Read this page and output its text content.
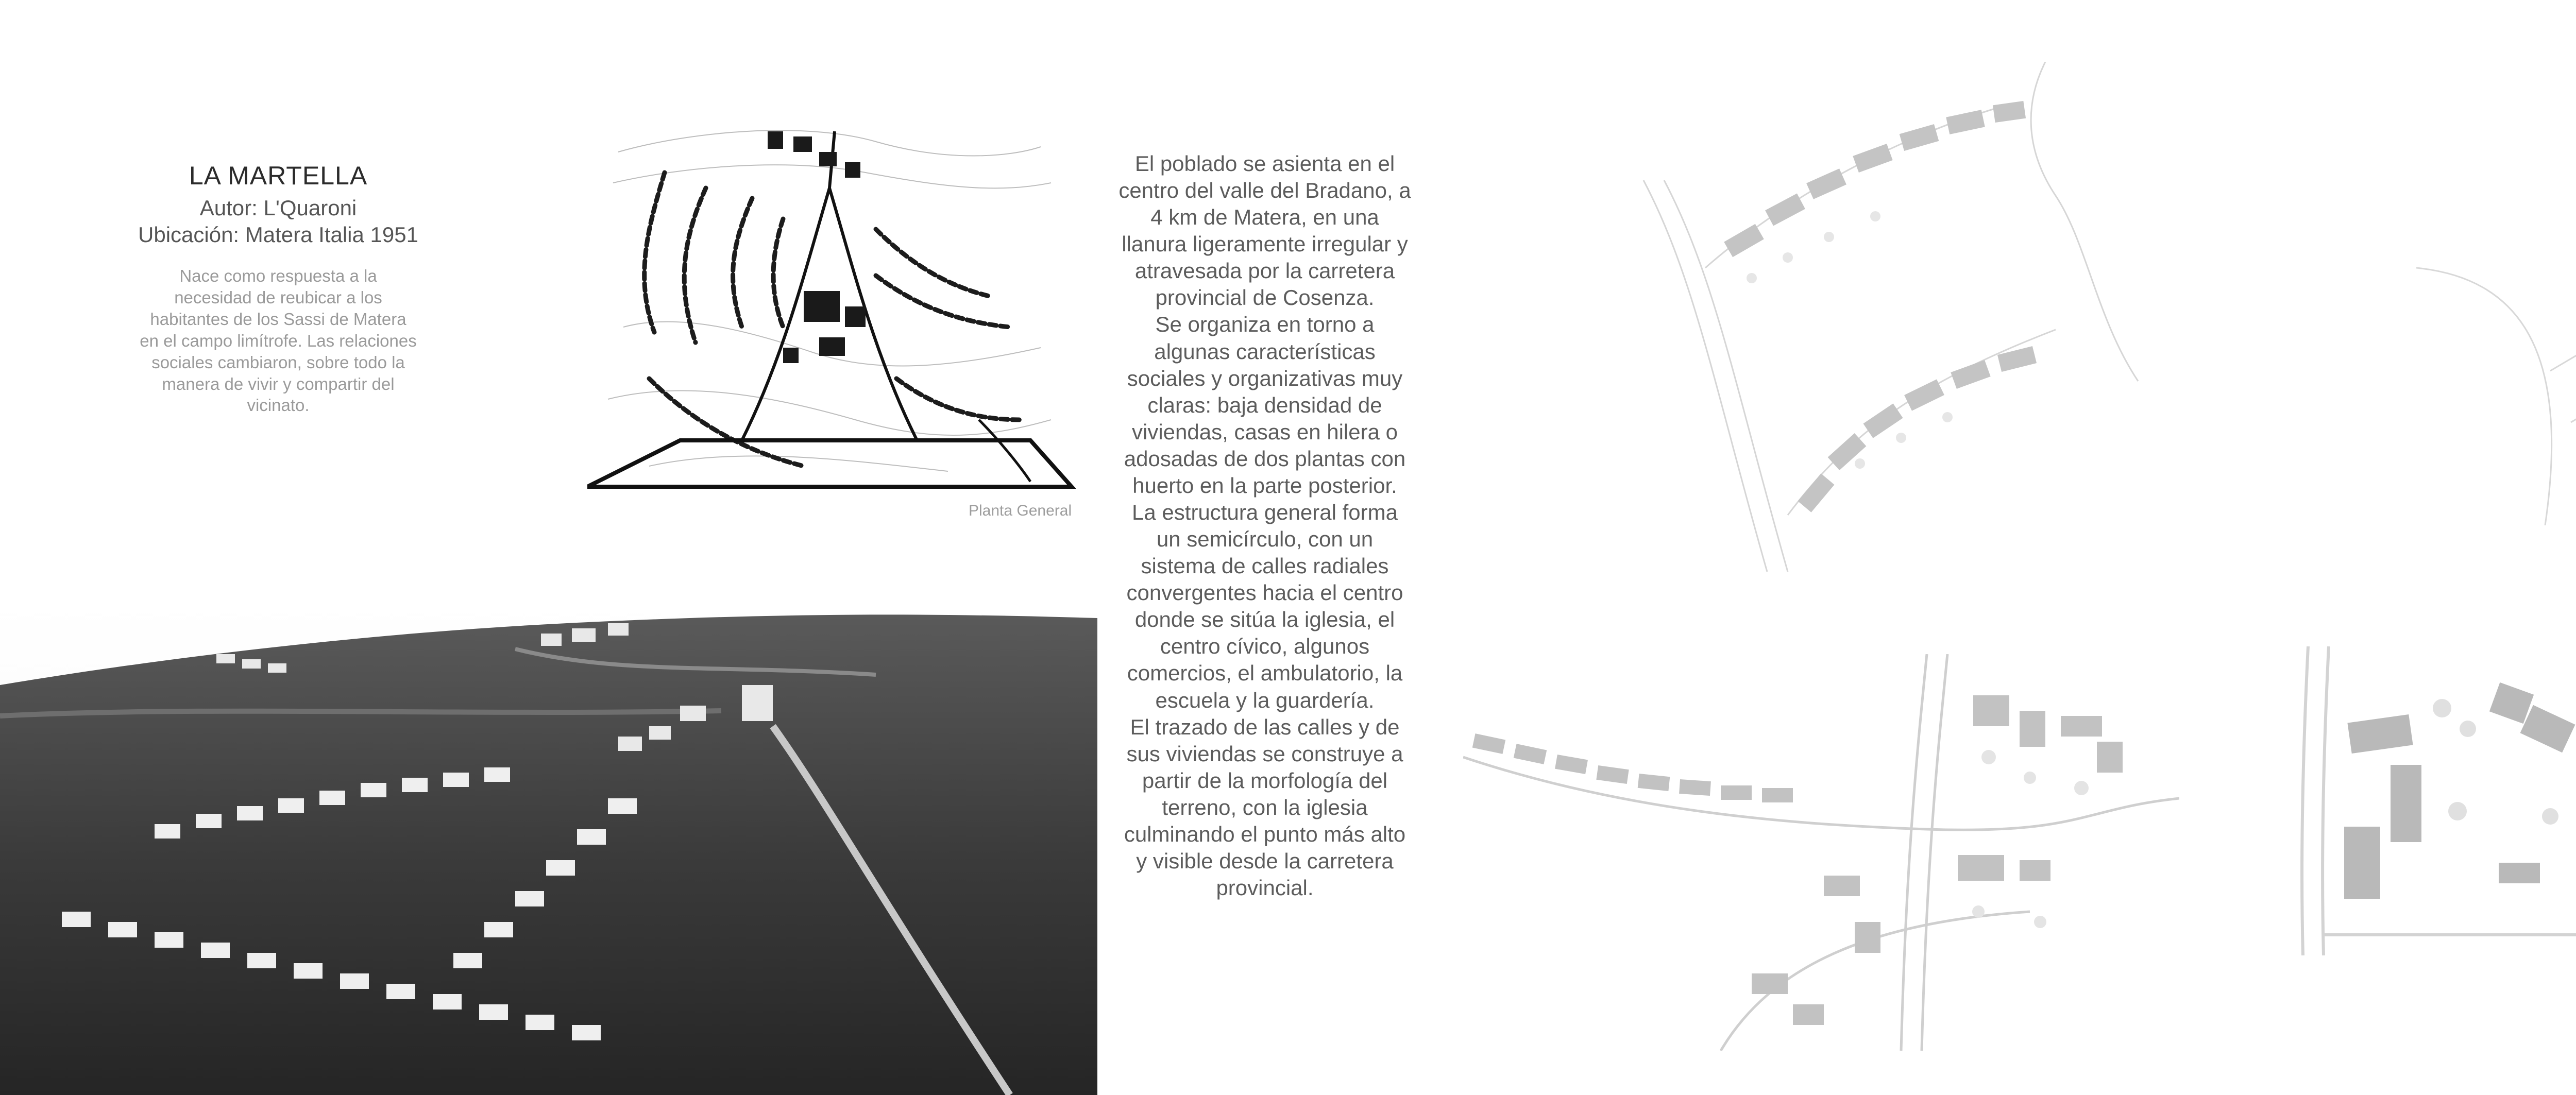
LA MARTELLA
Autor: L'Quaroni
Ubicación: Matera Italia 1951
Nace como respuesta a la necesidad de reubicar a los habitantes de los Sassi de Matera en el campo limítrofe. Las relaciones sociales cambiaron, sobre todo la manera de vivir y compartir del vicinato.
Planta General

El poblado se asienta en el centro del valle del Bradano, a 4 km de Matera, en una llanura ligeramente irregular y atravesada por la carretera provincial de Cosenza.

Se organiza en torno a algunas características sociales y organizativas muy claras: baja densidad de viviendas, casas en hilera o adosadas de dos plantas con huerto en la parte posterior.

La estructura general forma un semicírculo, con un sistema de calles radiales convergentes hacia el centro donde se sitúa la iglesia, el centro cívico, algunos comercios, el ambulatorio, la escuela y la guardería.

El trazado de las calles y de sus viviendas se construye a partir de la morfología del terreno, con la iglesia culminando el punto más alto y visible desde la carretera provincial.
